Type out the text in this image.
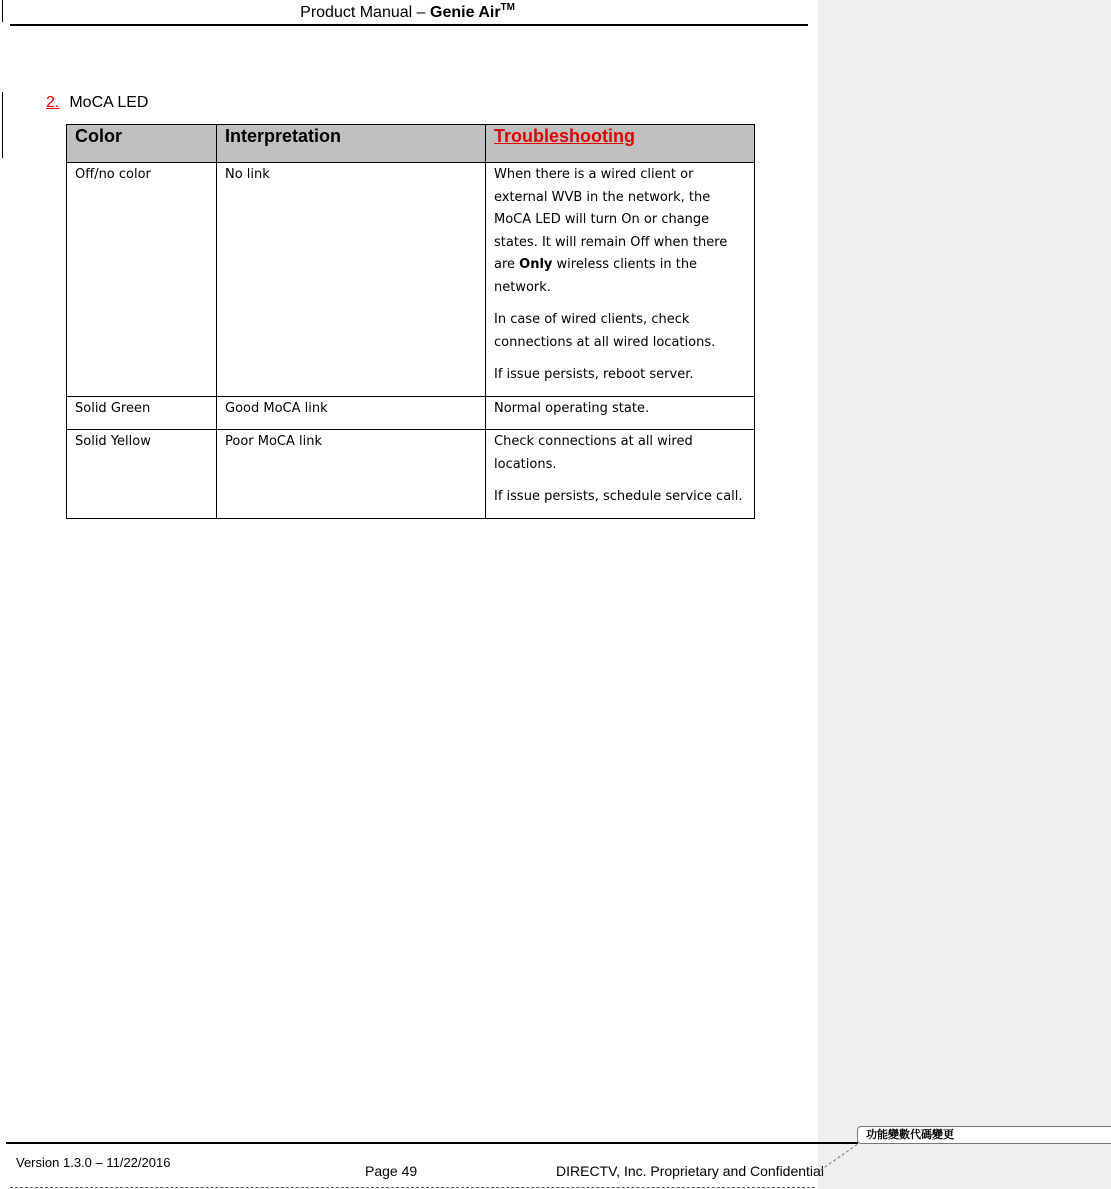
Product Manual – Genie Air™
2. MoCA LED
Color	Interpretation	Troubleshooting
Off/no color	No link	When there is a wired client or external WVB in the network, the MoCA LED will turn On or change states. It will remain Off when there are Only wireless clients in the network.

In case of wired clients, check connections at all wired locations.

If issue persists, reboot server.

Solid Green	Good MoCA link	Normal operating state.

Solid Yellow	Poor MoCA link	Check connections at all wired locations.

If issue persists, schedule service call.

Version 1.3.0 – 11/22/2016
Page 49	DIRECTV, Inc. Proprietary and Confidential
功能變數代碼變更
